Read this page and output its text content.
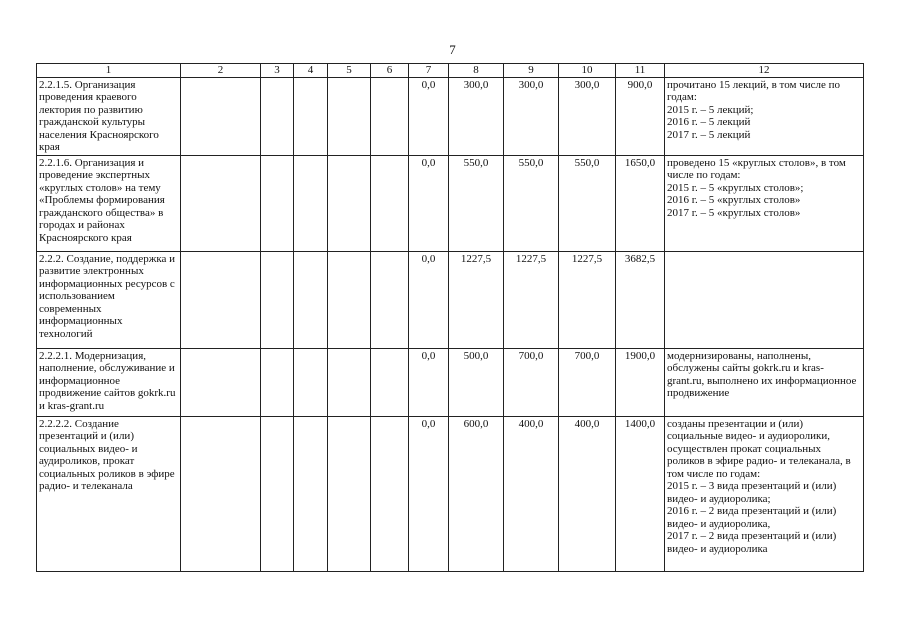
7
1	2	3	4	5	6	7	8	9	10	11	12
2.2.1.5. Организация проведения краевого лектория по развитию гражданской культуры населения Красноярского края						0,0	300,0	300,0	300,0	900,0	прочитано 15 лекций, в том числе по годам:
2015 г. – 5 лекций;
2016 г. – 5 лекций
2017 г. – 5 лекций
2.2.1.6. Организация и проведение экспертных «круглых столов» на тему «Проблемы формирования гражданского общества» в городах и районах Красноярского края						0,0	550,0	550,0	550,0	1650,0	проведено 15 «круглых столов», в том числе по годам:
2015 г. – 5 «круглых столов»;
2016 г. – 5 «круглых столов»
2017 г. – 5 «круглых столов»
2.2.2. Создание, поддержка и развитие электронных информационных ресурсов с использованием современных информационных технологий						0,0	1227,5	1227,5	1227,5	3682,5	
2.2.2.1. Модернизация, наполнение, обслуживание и информационное продвижение сайтов gokrk.ru и kras-grant.ru						0,0	500,0	700,0	700,0	1900,0	модернизированы, наполнены, обслужены сайты gokrk.ru и kras-grant.ru, выполнено их информационное продвижение
2.2.2.2. Создание презентаций и (или) социальных видео- и аудироликов, прокат социальных роликов в эфире радио- и телеканала						0,0	600,0	400,0	400,0	1400,0	созданы презентации и (или) социальные видео- и аудиоролики, осуществлен прокат социальных роликов в эфире радио- и телеканала, в том числе по годам:
2015 г. – 3 вида презентаций и (или) видео- и аудиоролика;
2016 г. – 2 вида презентаций и (или) видео- и аудиоролика,
2017 г. – 2 вида презентаций и (или) видео- и аудиоролика
